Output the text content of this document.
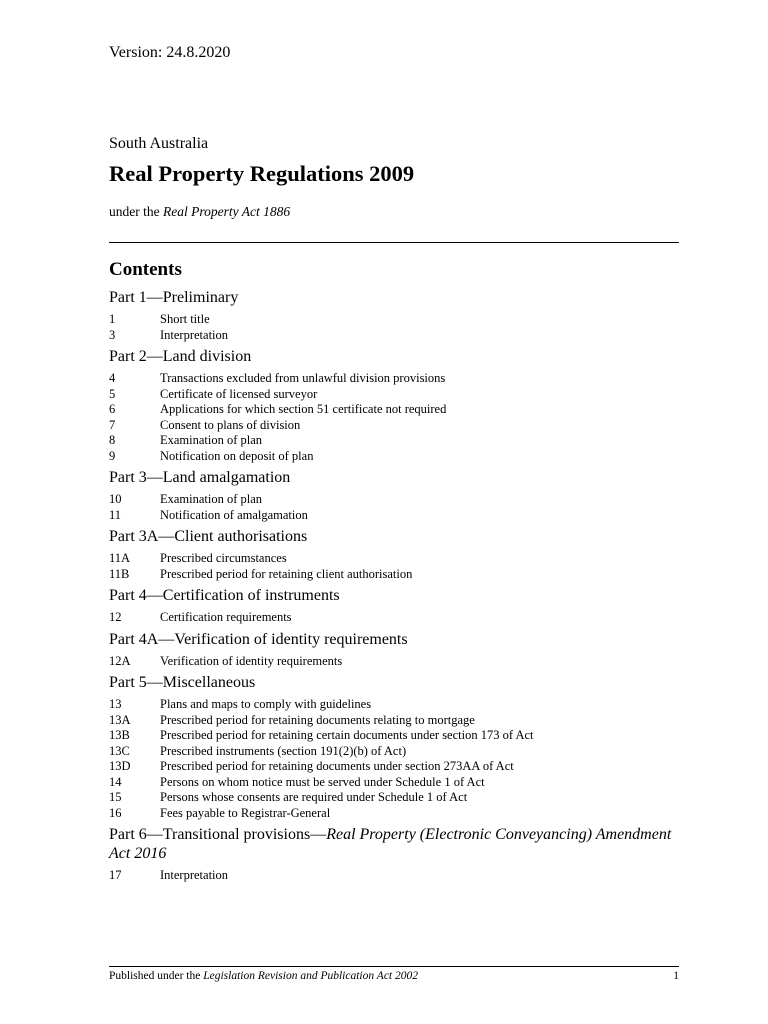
Version: 24.8.2020
South Australia
Real Property Regulations 2009
under the Real Property Act 1886
Contents
Part 1—Preliminary
1	Short title
3	Interpretation
Part 2—Land division
4	Transactions excluded from unlawful division provisions
5	Certificate of licensed surveyor
6	Applications for which section 51 certificate not required
7	Consent to plans of division
8	Examination of plan
9	Notification on deposit of plan
Part 3—Land amalgamation
10	Examination of plan
11	Notification of amalgamation
Part 3A—Client authorisations
11A	Prescribed circumstances
11B	Prescribed period for retaining client authorisation
Part 4—Certification of instruments
12	Certification requirements
Part 4A—Verification of identity requirements
12A	Verification of identity requirements
Part 5—Miscellaneous
13	Plans and maps to comply with guidelines
13A	Prescribed period for retaining documents relating to mortgage
13B	Prescribed period for retaining certain documents under section 173 of Act
13C	Prescribed instruments (section 191(2)(b) of Act)
13D	Prescribed period for retaining documents under section 273AA of Act
14	Persons on whom notice must be served under Schedule 1 of Act
15	Persons whose consents are required under Schedule 1 of Act
16	Fees payable to Registrar-General
Part 6—Transitional provisions—Real Property (Electronic Conveyancing) Amendment Act 2016
17	Interpretation
Published under the Legislation Revision and Publication Act 2002	1
